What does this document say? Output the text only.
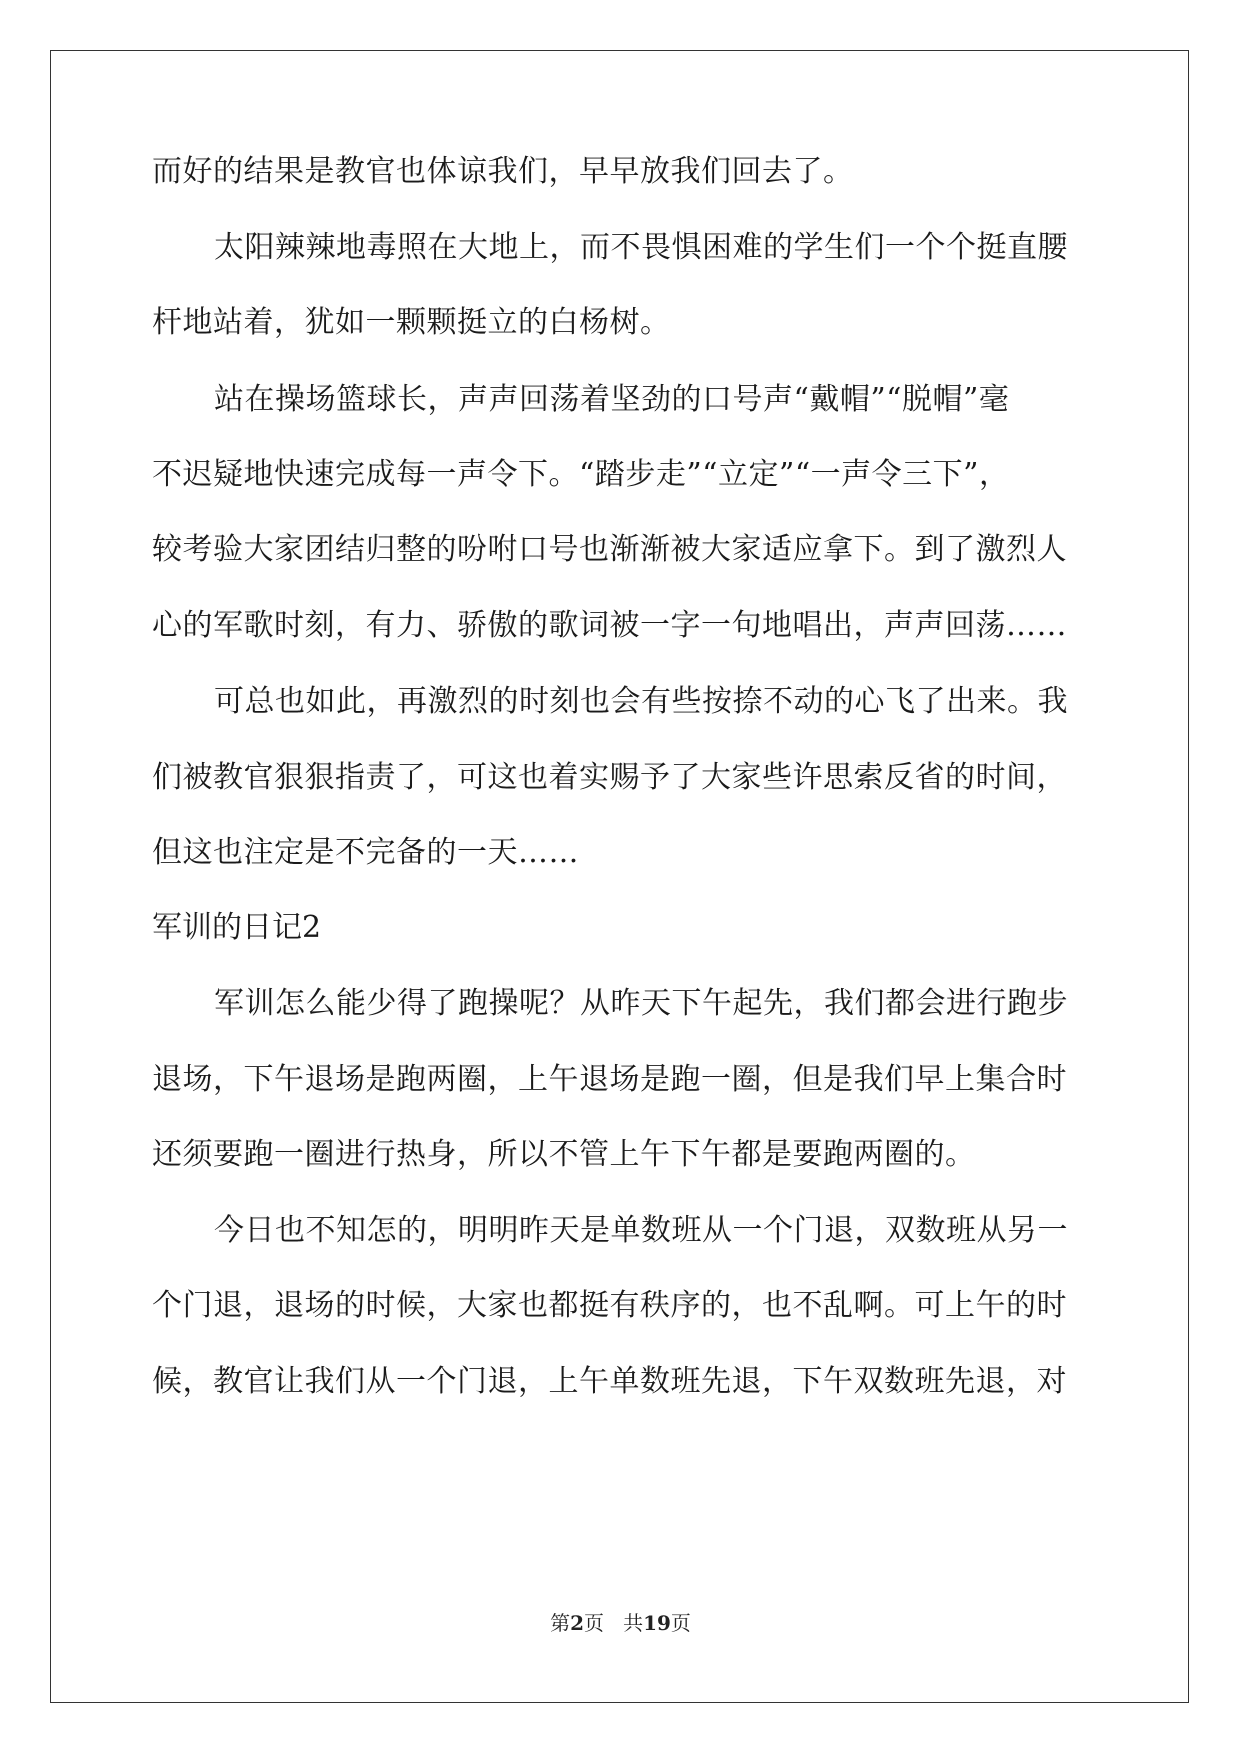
而好的结果是教官也体谅我们，早早放我们回去了。
太阳辣辣地毒照在大地上，而不畏惧困难的学生们一个个挺直腰
杆地站着，犹如一颗颗挺立的白杨树。
站在操场篮球长，声声回荡着坚劲的口号声“戴帽”“脱帽”毫
不迟疑地快速完成每一声令下。“踏步走”“立定”“一声令三下”，
较考验大家团结归整的吩咐口号也渐渐被大家适应拿下。到了激烈人
心的军歌时刻，有力、骄傲的歌词被一字一句地唱出，声声回荡……
可总也如此，再激烈的时刻也会有些按捺不动的心飞了出来。我
们被教官狠狠指责了，可这也着实赐予了大家些许思索反省的时间，
但这也注定是不完备的一天……
军训的日记2
军训怎么能少得了跑操呢？从昨天下午起先，我们都会进行跑步
退场，下午退场是跑两圈，上午退场是跑一圈，但是我们早上集合时
还须要跑一圈进行热身，所以不管上午下午都是要跑两圈的。
今日也不知怎的，明明昨天是单数班从一个门退，双数班从另一
个门退，退场的时候，大家也都挺有秩序的，也不乱啊。可上午的时
候，教官让我们从一个门退，上午单数班先退，下午双数班先退，对
第2页 共19页
